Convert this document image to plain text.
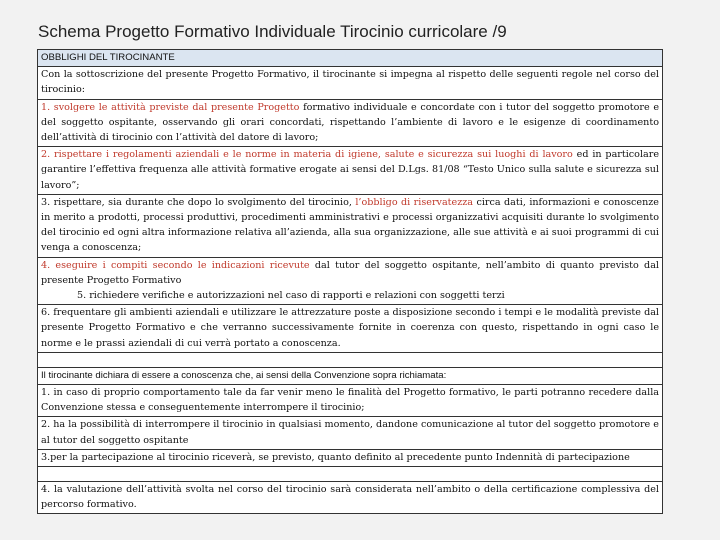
Schema Progetto Formativo Individuale Tirocinio curricolare /9
OBBLIGHI DEL TIROCINANTE
Con la sottoscrizione del presente Progetto Formativo, il tirocinante si impegna al rispetto delle seguenti regole nel corso del tirocinio:
1. svolgere le attività previste dal presente Progetto formativo individuale e concordate con i tutor del soggetto promotore e del soggetto ospitante, osservando gli orari concordati, rispettando l’ambiente di lavoro e le esigenze di coordinamento dell’attività di tirocinio con l’attività del datore di lavoro;
2. rispettare i regolamenti aziendali e le norme in materia di igiene, salute e sicurezza sui luoghi di lavoro ed in particolare garantire l’effettiva frequenza alle attività formative erogate ai sensi del D.Lgs. 81/08 “Testo Unico sulla salute e sicurezza sul lavoro”;
3. rispettare, sia durante che dopo lo svolgimento del tirocinio, l’obbligo di riservatezza circa dati, informazioni e conoscenze in merito a prodotti, processi produttivi, procedimenti amministrativi e processi organizzativi acquisiti durante lo svolgimento del tirocinio ed ogni altra informazione relativa all’azienda, alla sua organizzazione, alle sue attività e ai suoi programmi di cui venga a conoscenza;
4. eseguire i compiti secondo le indicazioni ricevute dal tutor del soggetto ospitante, nell’ambito di quanto previsto dal presente Progetto Formativo
5. richiedere verifiche e autorizzazioni nel caso di rapporti e relazioni con soggetti terzi
6. frequentare gli ambienti aziendali e utilizzare le attrezzature poste a disposizione secondo i tempi e le modalità previste dal presente Progetto Formativo e che verranno successivamente fornite in coerenza con questo, rispettando in ogni caso le norme e le prassi aziendali di cui verrà portato a conoscenza.
Il tirocinante dichiara di essere a conoscenza che, ai sensi della Convenzione sopra richiamata:
1. in caso di proprio comportamento tale da far venir meno le finalità del Progetto formativo, le parti potranno recedere dalla Convenzione stessa e conseguentemente interrompere il tirocinio;
2. ha la possibilità di interrompere il tirocinio in qualsiasi momento, dandone comunicazione al tutor del soggetto promotore e al tutor del soggetto ospitante
3.per la partecipazione al tirocinio riceverà, se previsto, quanto definito al precedente punto Indennità di partecipazione
4. la valutazione dell’attività svolta nel corso del tirocinio sarà considerata nell’ambito o della certificazione complessiva del percorso formativo.
